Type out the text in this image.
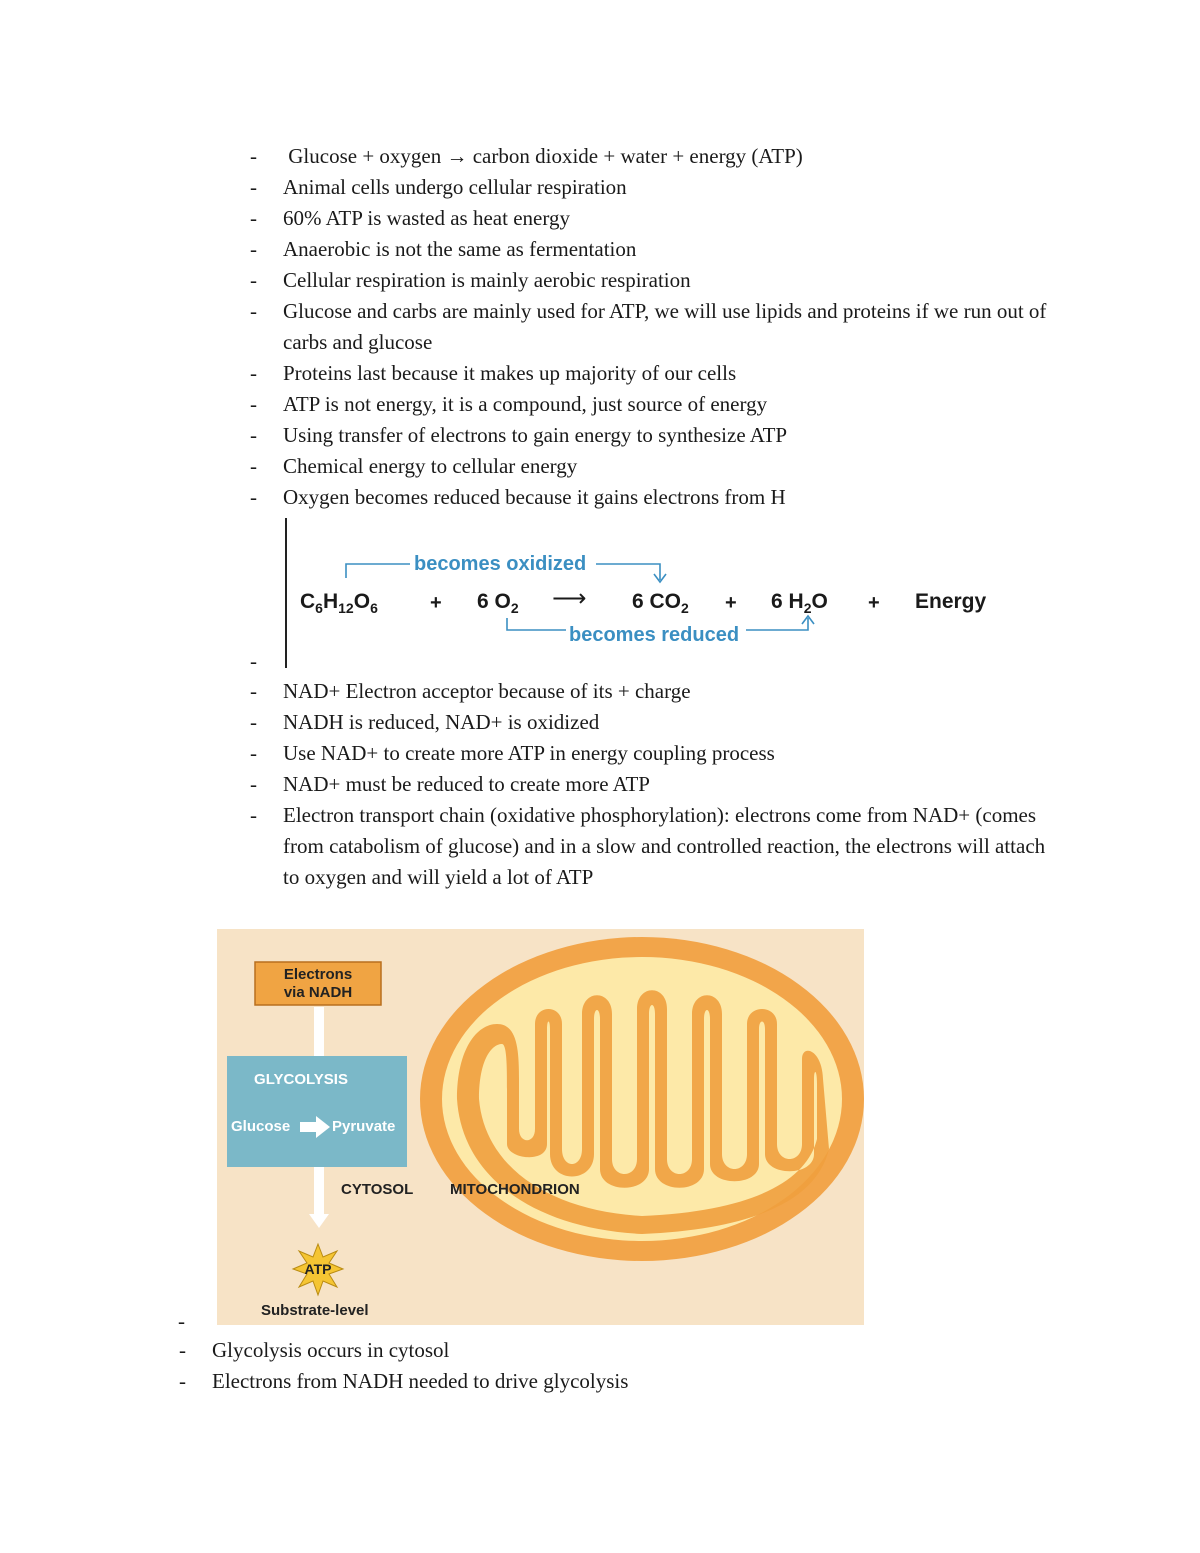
- Glucose + oxygen → carbon dioxide + water + energy (ATP)
- Animal cells undergo cellular respiration
- 60% ATP is wasted as heat energy
- Anaerobic is not the same as fermentation
- Cellular respiration is mainly aerobic respiration
- Glucose and carbs are mainly used for ATP, we will use lipids and proteins if we run out of carbs and glucose
- Proteins last because it makes up majority of our cells
- ATP is not energy, it is a compound, just source of energy
- Using transfer of electrons to gain energy to synthesize ATP
- Chemical energy to cellular energy
- Oxygen becomes reduced because it gains electrons from H
-
becomes oxidized
$C_6H_{12}O_6$	+ 6 $O_2$ ⟶ 6 $CO_2 + 6$ $H_2O$ + Energy
becomes reduced
- NAD+ Electron acceptor because of its + charge
- NADH is reduced, NAD+ is oxidized
- Use NAD+ to create more ATP in energy coupling process
- NAD+ must be reduced to create more ATP
- Electron transport chain (oxidative phosphorylation): electrons come from NAD+ (comes from catabolism of glucose) and in a slow and controlled reaction, the electrons will attach to oxygen and will yield a lot of ATP
Electrons
via NADH
GLYCOLYSIS
Glucose	Pyruvate
CYTOSOL MITOCHONDRION
ATP
Substrate-level
-
- Glycolysis occurs in cytosol
- Electrons from NADH needed to drive glycolysis
